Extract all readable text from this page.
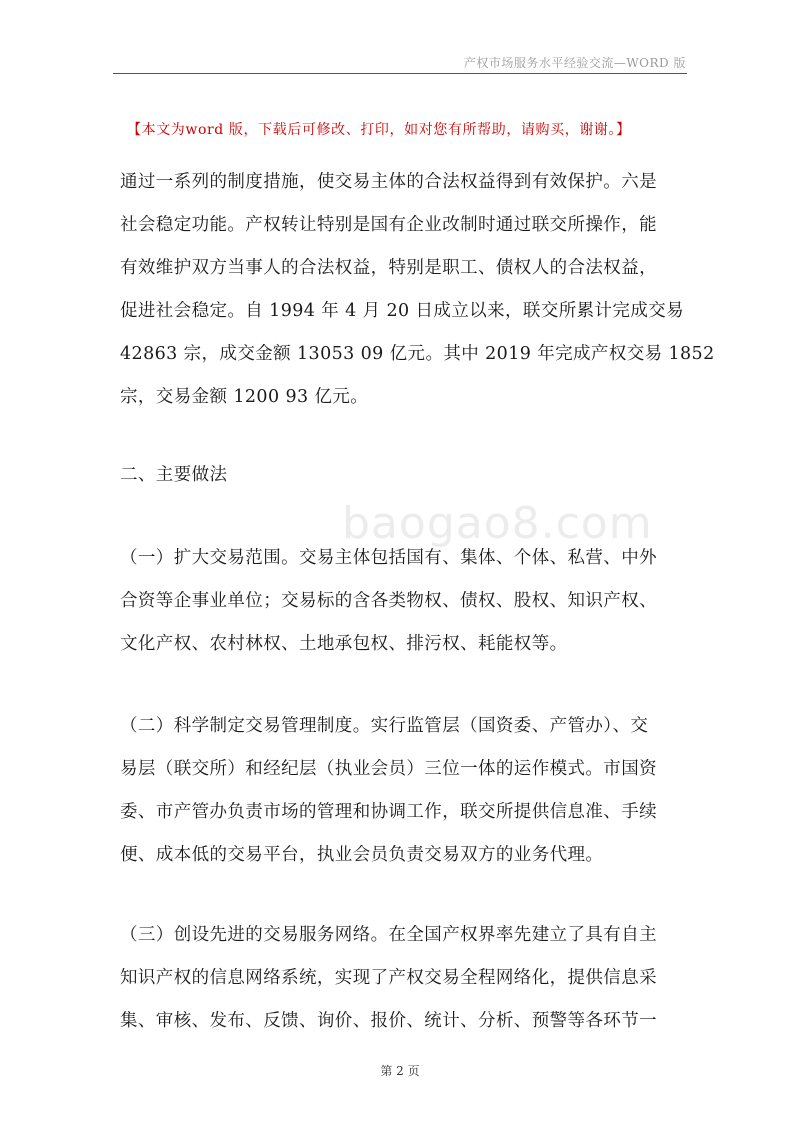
产权市场服务水平经验交流—WORD 版
【本文为word 版，下载后可修改、打印，如对您有所帮助，请购买，谢谢。】
baogao8.com
通过一系列的制度措施，使交易主体的合法权益得到有效保护。六是
社会稳定功能。产权转让特别是国有企业改制时通过联交所操作，能
有效维护双方当事人的合法权益，特别是职工、债权人的合法权益，
促进社会稳定。自 1994 年 4 月 20 日成立以来，联交所累计完成交易
42863 宗，成交金额 13053 09 亿元。其中 2019 年完成产权交易 1852
宗，交易金额 1200 93 亿元。
二、主要做法
（一）扩大交易范围。交易主体包括国有、集体、个体、私营、中外
合资等企事业单位；交易标的含各类物权、债权、股权、知识产权、
文化产权、农村林权、土地承包权、排污权、耗能权等。
（二）科学制定交易管理制度。实行监管层（国资委、产管办）、交
易层（联交所）和经纪层（执业会员）三位一体的运作模式。市国资
委、市产管办负责市场的管理和协调工作，联交所提供信息准、手续
便、成本低的交易平台，执业会员负责交易双方的业务代理。
（三）创设先进的交易服务网络。在全国产权界率先建立了具有自主
知识产权的信息网络系统，实现了产权交易全程网络化，提供信息采
集、审核、发布、反馈、询价、报价、统计、分析、预警等各环节一
第 2 页
